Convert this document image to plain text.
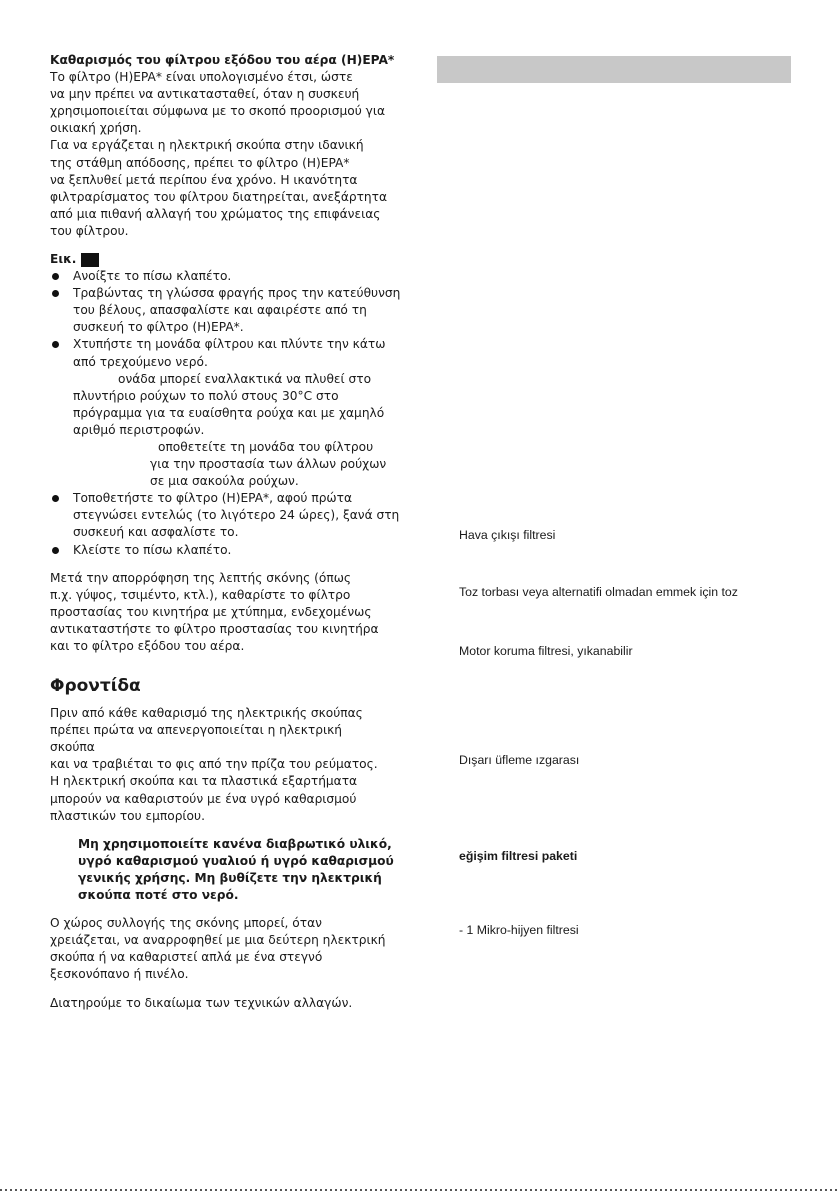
Καθαρισμός του φίλτρου εξόδου του αέρα (H)EPA*

Το φίλτρο (H)EPA* είναι υπολογισμένο έτσι, ώστε

να μην πρέπει να αντικατασταθεί, όταν η συσκευή

χρησιμοποιείται σύμφωνα με το σκοπό προορισμού για

οικιακή χρήση.

Για να εργάζεται η ηλεκτρική σκούπα στην ιδανική

της στάθμη απόδοσης, πρέπει το φίλτρο (H)EPA*

να ξεπλυθεί μετά περίπου ένα χρόνο. Η ικανότητα

φιλτραρίσματος του φίλτρου διατηρείται, ανεξάρτητα

από μια πιθανή αλλαγή του χρώματος της επιφάνειας

του φίλτρου.

Εικ.

Ανοίξτε το πίσω κλαπέτο.

Τραβώντας τη γλώσσα φραγής προς την κατεύθυνση

του βέλους, απασφαλίστε και αφαιρέστε από τη

συσκευή το φίλτρο (H)EPA*.

Χτυπήστε τη μονάδα φίλτρου και πλύντε την κάτω

από τρεχούμενο νερό.

ονάδα μπορεί εναλλακτικά να πλυθεί στο

πλυντήριο ρούχων το πολύ στους 30°C στο

πρόγραμμα για τα ευαίσθητα ρούχα και με χαμηλό

αριθμό περιστροφών.

οποθετείτε τη μονάδα του φίλτρου

για την προστασία των άλλων ρούχων

σε μια σακούλα ρούχων.

Τοποθετήστε το φίλτρο (H)EPA*, αφού πρώτα

στεγνώσει εντελώς (το λιγότερο 24 ώρες), ξανά στη

συσκευή και ασφαλίστε το.

Κλείστε το πίσω κλαπέτο.

Μετά την απορρόφηση της λεπτής σκόνης (όπως

π.χ. γύψος, τσιμέντο, κτλ.), καθαρίστε το φίλτρο

προστασίας του κινητήρα με χτύπημα, ενδεχομένως

αντικαταστήστε το φίλτρο προστασίας του κινητήρα

και το φίλτρο εξόδου του αέρα.

Φροντίδα

Πριν από κάθε καθαρισμό της ηλεκτρικής σκούπας

πρέπει πρώτα να απενεργοποιείται η ηλεκτρική

σκούπα

και να τραβιέται το φις από την πρίζα του ρεύματος.

Η ηλεκτρική σκούπα και τα πλαστικά εξαρτήματα

μπορούν να καθαριστούν με ένα υγρό καθαρισμού

πλαστικών του εμπορίου.

Μη χρησιμοποιείτε κανένα διαβρωτικό υλικό,

υγρό καθαρισμού γυαλιού ή υγρό καθαρισμού

γενικής χρήσης. Μη βυθίζετε την ηλεκτρική

σκούπα ποτέ στο νερό.

Ο χώρος συλλογής της σκόνης μπορεί, όταν

χρειάζεται, να αναρροφηθεί με μια δεύτερη ηλεκτρική

σκούπα ή να καθαριστεί απλά με ένα στεγνό

ξεσκονόπανο ή πινέλο.

Διατηρούμε το δικαίωμα των τεχνικών αλλαγών.

Hava çıkışı filtresi
Toz torbası veya alternatifi olmadan emmek için toz
Motor koruma filtresi, yıkanabilir
Dışarı üfleme ızgarası
eğişim filtresi paketi
- 1 Mikro-hijyen filtresi
